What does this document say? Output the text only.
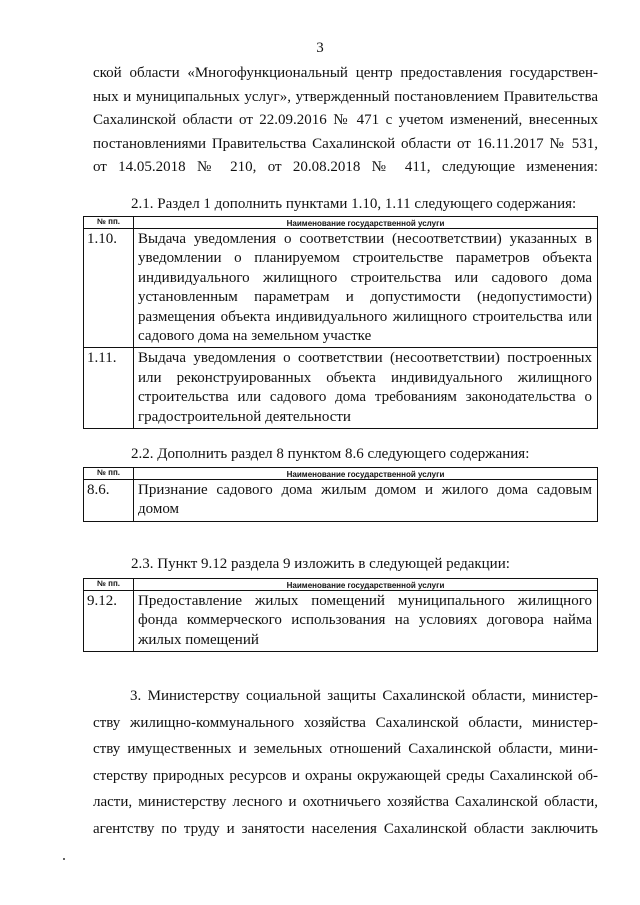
3
ской области «Многофункциональный центр предоставления государствен-
ных и муниципальных услуг», утвержденный постановлением Правительства
Сахалинской области от 22.09.2016 № 471 с учетом изменений, внесенных
постановлениями Правительства Сахалинской области от 16.11.2017 № 531,
от 14.05.2018 № 210, от 20.08.2018 № 411, следующие изменения:
2.1. Раздел 1 дополнить пунктами 1.10, 1.11 следующего содержания:
№ пп.	Наименование государственной услуги
1.10.	Выдача уведомления о соответствии (несоответствии) указанных в уведомлении о планируемом строительстве параметров объекта индивидуального жилищного строительства или садового дома установленным параметрам и допустимости (недопустимости) размещения объекта индивидуального жилищного строительства или садового дома на земельном участке
1.11.	Выдача уведомления о соответствии (несоответствии) построенных или реконструированных объекта индивидуального жилищного строительства или садового дома требованиям законодательства о градостроительной деятельности
2.2. Дополнить раздел 8 пунктом 8.6 следующего содержания:
№ пп.	Наименование государственной услуги
8.6.	Признание садового дома жилым домом и жилого дома садовым домом
2.3. Пункт 9.12 раздела 9 изложить в следующей редакции:
№ пп.	Наименование государственной услуги
9.12.	Предоставление жилых помещений муниципального жилищного фонда коммерческого использования на условиях договора найма жилых помещений
3. Министерству социальной защиты Сахалинской области, министер-
ству жилищно-коммунального хозяйства Сахалинской области, министер-
ству имущественных и земельных отношений Сахалинской области, мини-
стерству природных ресурсов и охраны окружающей среды Сахалинской об-
ласти, министерству лесного и охотничьего хозяйства Сахалинской области,
агентству по труду и занятости населения Сахалинской области заключить
